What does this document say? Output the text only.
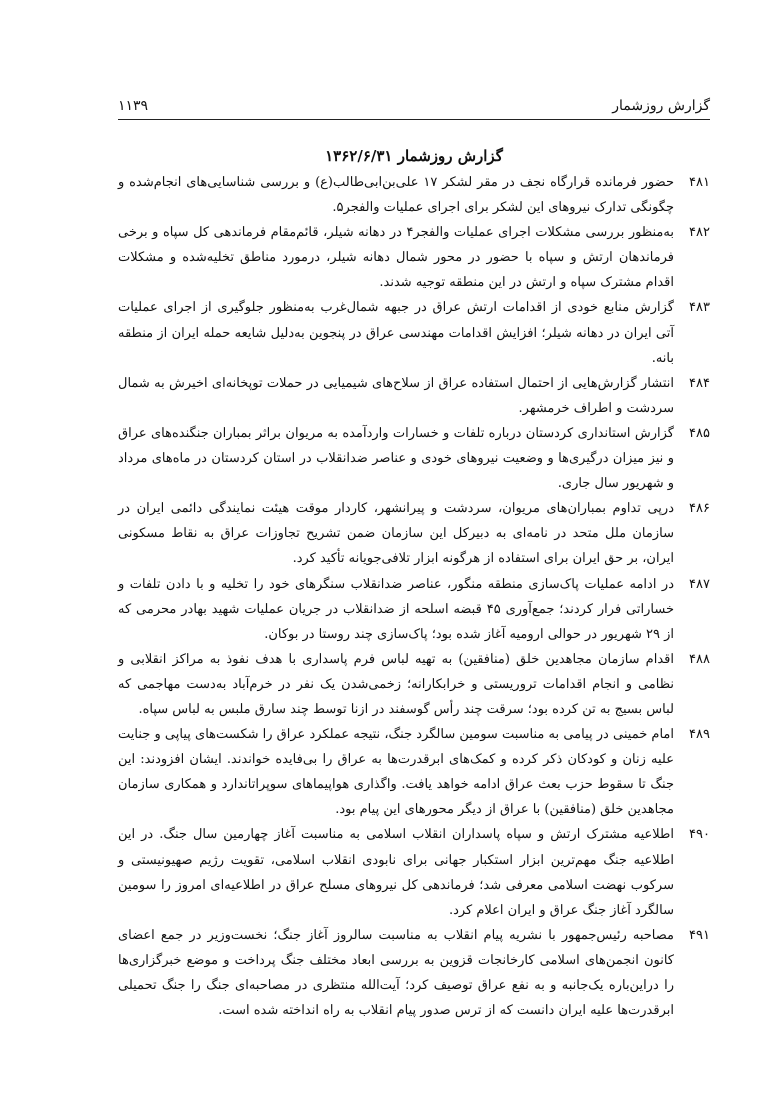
گزارش روزشمار
۱۱۳۹
گزارش روزشمار ۱۳۶۲/۶/۳۱
۴۸۱
حضور فرمانده قرارگاه نجف در مقر لشکر ۱۷ علی‌بن‌ابی‌طالب(ع) و بررسی شناسایی‌های انجام‌شده و چگونگی تدارک نیروهای این لشکر برای اجرای عملیات والفجر۵.
۴۸۲
به‌منظور بررسی مشکلات اجرای عملیات والفجر۴ در دهانه شیلر، قائم‌مقام فرماندهی کل سپاه و برخی فرماندهان ارتش و سپاه با حضور در محور شمال دهانه شیلر، درمورد مناطق تخلیه‌شده و مشکلات اقدام مشترک سپاه و ارتش در این منطقه توجیه شدند.
۴۸۳
گزارش منابع خودی از اقدامات ارتش عراق در جبهه شمال‌غرب به‌منظور جلوگیری از اجرای عملیات آتی ایران در دهانه شیلر؛ افزایش اقدامات مهندسی عراق در پنجوین به‌دلیل شایعه حمله ایران از منطقه بانه.
۴۸۴
انتشار گزارش‌هایی از احتمال استفاده عراق از سلاح‌های شیمیایی در حملات توپخانه‌ای اخیرش به شمال سردشت و اطراف خرمشهر.
۴۸۵
گزارش استانداری کردستان درباره تلفات و خسارات واردآمده به مریوان براثر بمباران جنگنده‌های عراق و نیز میزان درگیری‌ها و وضعیت نیروهای خودی و عناصر ضدانقلاب در استان کردستان در ماه‌های مرداد و شهریور سال جاری.
۴۸۶
درپی تداوم بمباران‌های مریوان، سردشت و پیرانشهر، کاردار موقت هیئت نمایندگی دائمی ایران در سازمان ملل متحد در نامه‌ای به دبیرکل این سازمان ضمن تشریح تجاوزات عراق به نقاط مسکونی ایران، بر حق ایران برای استفاده از هرگونه ابزار تلافی‌جویانه تأکید کرد.
۴۸۷
در ادامه عملیات پاک‌سازی منطقه منگور، عناصر ضدانقلاب سنگرهای خود را تخلیه و با دادن تلفات و خساراتی فرار کردند؛ جمع‌آوری ۴۵ قبضه اسلحه از ضدانقلاب در جریان عملیات شهید بهادر محرمی که از ۲۹ شهریور در حوالی ارومیه آغاز شده بود؛ پاک‌سازی چند روستا در بوکان.
۴۸۸
اقدام سازمان مجاهدین خلق (منافقین) به تهیه لباس فرم پاسداری با هدف نفوذ به مراکز انقلابی و نظامی و انجام اقدامات تروریستی و خرابکارانه؛ زخمی‌شدن یک نفر در خرم‌آباد به‌دست مهاجمی که لباس بسیج به تن کرده بود؛ سرقت چند رأس گوسفند در ازنا توسط چند سارق ملبس به لباس سپاه.
۴۸۹
امام خمینی در پیامی به مناسبت سومین سالگرد جنگ، نتیجه عملکرد عراق را شکست‌های پیاپی و جنایت علیه زنان و کودکان ذکر کرده و کمک‌های ابرقدرت‌ها به عراق را بی‌فایده خواندند. ایشان افزودند: این جنگ تا سقوط حزب بعث عراق ادامه خواهد یافت. واگذاری هواپیماهای سوپراتاندارد و همکاری سازمان مجاهدین خلق (منافقین) با عراق از دیگر محورهای این پیام بود.
۴۹۰
اطلاعیه مشترک ارتش و سپاه پاسداران انقلاب اسلامی به مناسبت آغاز چهارمین سال جنگ. در این اطلاعیه جنگ مهم‌ترین ابزار استکبار جهانی برای نابودی انقلاب اسلامی، تقویت رژیم صهیونیستی و سرکوب نهضت اسلامی معرفی شد؛ فرماندهی کل نیروهای مسلح عراق در اطلاعیه‌ای امروز را سومین سالگرد آغاز جنگ عراق و ایران اعلام کرد.
۴۹۱
مصاحبه رئیس‌جمهور با نشریه پیام انقلاب به مناسبت سالروز آغاز جنگ؛ نخست‌وزیر در جمع اعضای کانون انجمن‌های اسلامی کارخانجات قزوین به بررسی ابعاد مختلف جنگ پرداخت و موضع خبرگزاری‌ها را دراین‌باره یک‌جانبه و به نفع عراق توصیف کرد؛ آیت‌الله منتظری در مصاحبه‌ای جنگ را جنگ تحمیلی ابرقدرت‌ها علیه ایران دانست که از ترس صدور پیام انقلاب به راه انداخته شده است.
